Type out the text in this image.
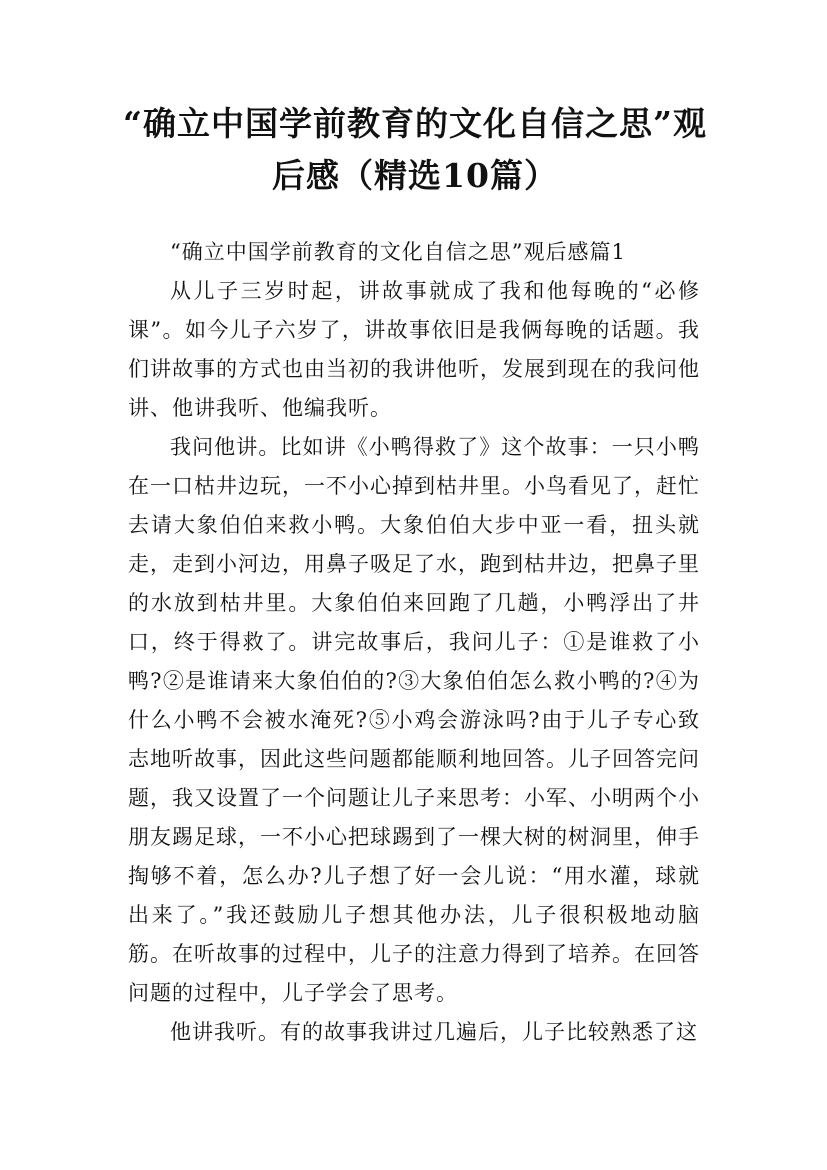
“确立中国学前教育的文化自信之思”观后感（精选10篇）

“确立中国学前教育的文化自信之思”观后感篇1

从儿子三岁时起，讲故事就成了我和他每晚的“必修课”。如今儿子六岁了，讲故事依旧是我俩每晚的话题。我们讲故事的方式也由当初的我讲他听，发展到现在的我问他讲、他讲我听、他编我听。

我问他讲。比如讲《小鸭得救了》这个故事：一只小鸭在一口枯井边玩，一不小心掉到枯井里。小鸟看见了，赶忙去请大象伯伯来救小鸭。大象伯伯大步中亚一看，扭头就走，走到小河边，用鼻子吸足了水，跑到枯井边，把鼻子里的水放到枯井里。大象伯伯来回跑了几趟，小鸭浮出了井口，终于得救了。讲完故事后，我问儿子：①是谁救了小鸭?②是谁请来大象伯伯的?③大象伯伯怎么救小鸭的?④为什么小鸭不会被水淹死?⑤小鸡会游泳吗?由于儿子专心致志地听故事，因此这些问题都能顺利地回答。儿子回答完问题，我又设置了一个问题让儿子来思考：小军、小明两个小朋友踢足球，一不小心把球踢到了一棵大树的树洞里，伸手掏够不着，怎么办?儿子想了好一会儿说：“用水灌，球就出来了。”我还鼓励儿子想其他办法，儿子很积极地动脑筋。在听故事的过程中，儿子的注意力得到了培养。在回答问题的过程中，儿子学会了思考。

他讲我听。有的故事我讲过几遍后，儿子比较熟悉了这
